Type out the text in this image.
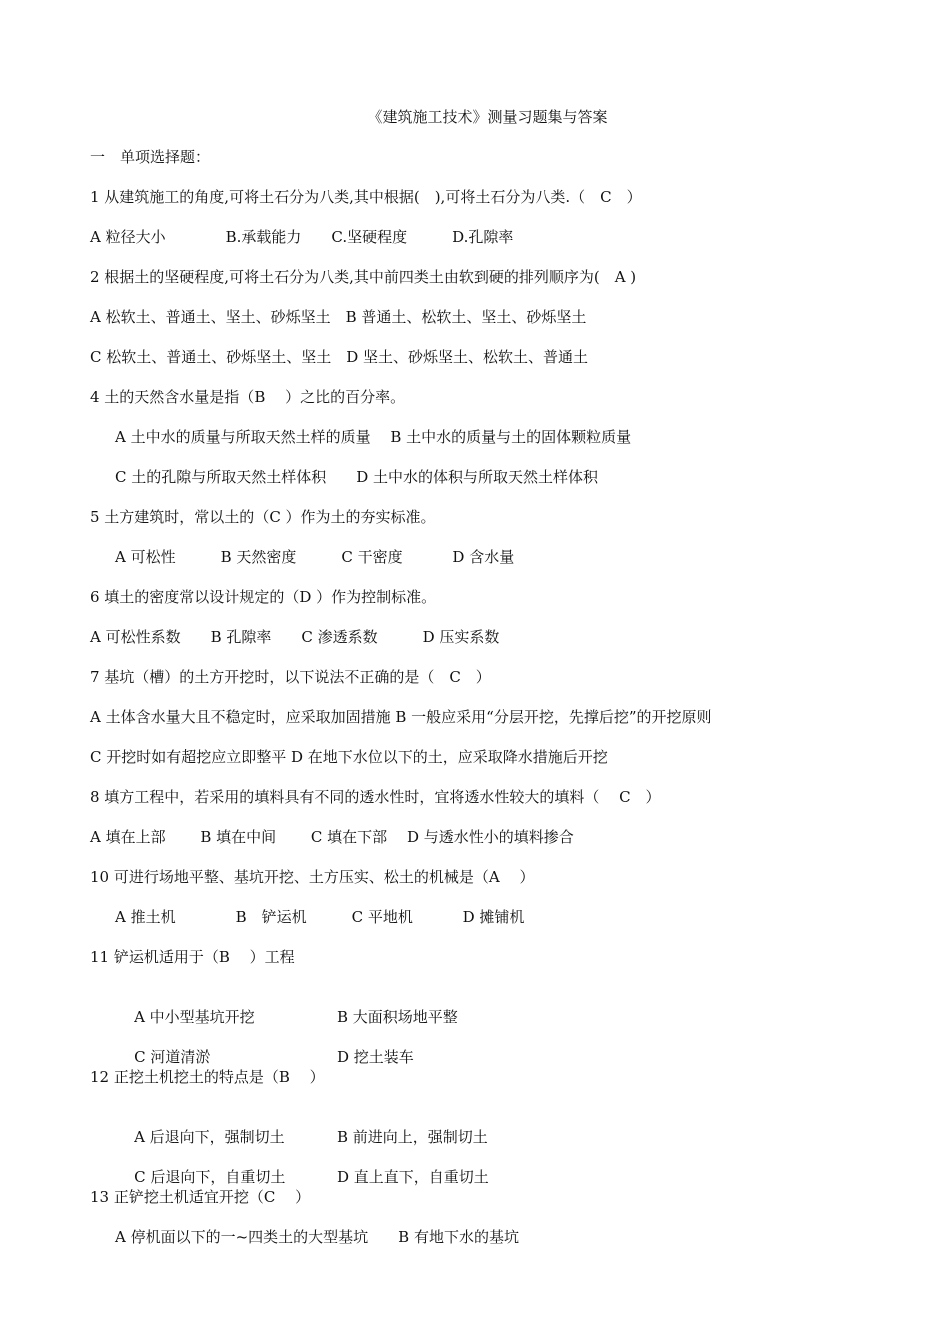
《建筑施工技术》测量习题集与答案
一　单项选择题：
1 从建筑施工的角度,可将土石分为八类,其中根据(　),可将土石分为八类.（　C　）
A 粒径大小　　　　B.承载能力　　C.坚硬程度　　　D.孔隙率
2 根据土的坚硬程度,可将土石分为八类,其中前四类土由软到硬的排列顺序为(　A )
A 松软土、普通土、坚土、砂烁坚土　B 普通土、松软土、坚土、砂烁坚土
C 松软土、普通土、砂烁坚土、坚土　D 坚土、砂烁坚土、松软土、普通土
4 土的天然含水量是指（B　 ）之比的百分率。
A 土中水的质量与所取天然土样的质量　 B 土中水的质量与土的固体颗粒质量
C 土的孔隙与所取天然土样体积　　D 土中水的体积与所取天然土样体积
5 土方建筑时，常以土的（C ）作为土的夯实标准。
A 可松性　　　B 天然密度　　　C 干密度　　　 D 含水量
6 填土的密度常以设计规定的（D ）作为控制标准。
A 可松性系数　　B 孔隙率　　C 渗透系数　　　D 压实系数
7 基坑（槽）的土方开挖时，以下说法不正确的是（　C　）
A 土体含水量大且不稳定时，应采取加固措施 B 一般应采用“分层开挖，先撑后挖”的开挖原则
C 开挖时如有超挖应立即整平 D 在地下水位以下的土，应采取降水措施后开挖
8 填方工程中，若采用的填料具有不同的透水性时，宜将透水性较大的填料（　 C　）
A 填在上部　　 B 填在中间　　 C 填在下部　 D 与透水性小的填料掺合
10 可进行场地平整、基坑开挖、土方压实、松土的机械是（A　 ）
A 推土机　　　　B　铲运机　　　C 平地机　　　 D 摊铺机
11 铲运机适用于（B　 ）工程

A 中小型基坑开挖	B 大面积场地平整

C 河道清淤	D 挖土装车

12 正挖土机挖土的特点是（B　 ）

A 后退向下，强制切土	B 前进向上，强制切土

C 后退向下，自重切土	D 直上直下，自重切土

13 正铲挖土机适宜开挖（C　 ）
A 停机面以下的一~四类土的大型基坑　　B 有地下水的基坑
